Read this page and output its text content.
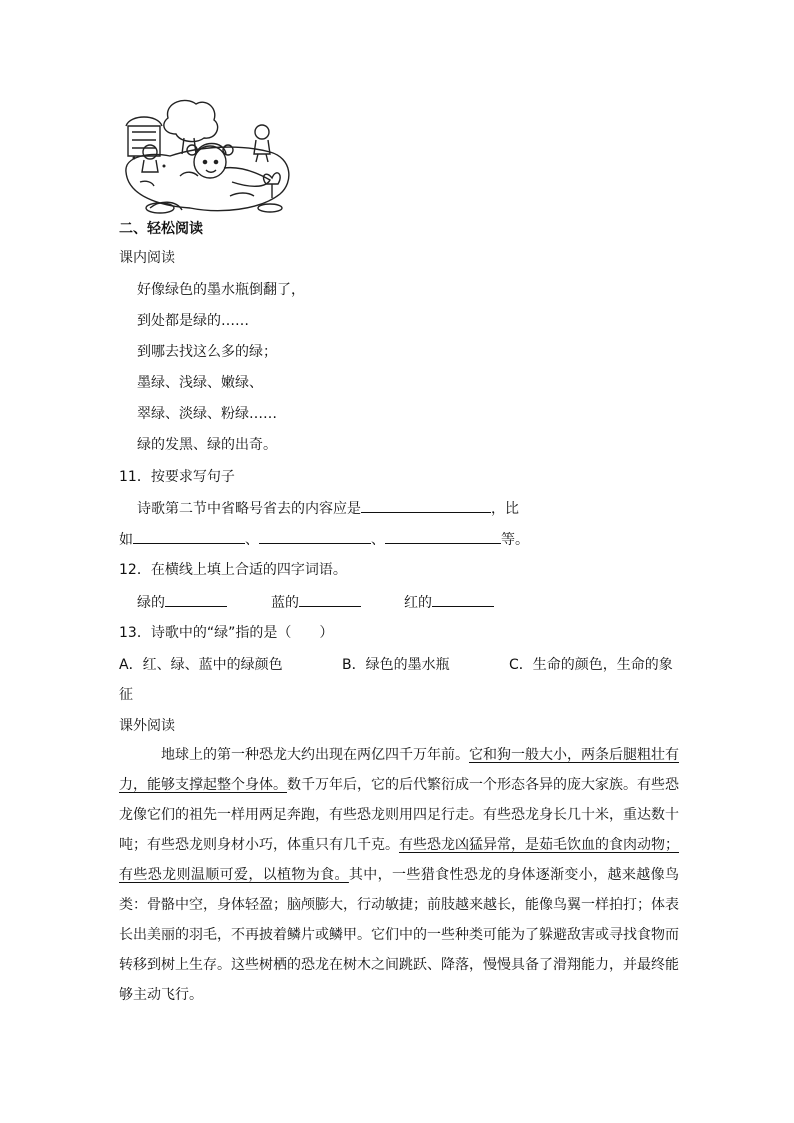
二、轻松阅读
课内阅读
好像绿色的墨水瓶倒翻了，
到处都是绿的……
到哪去找这么多的绿；
墨绿、浅绿、嫩绿、
翠绿、淡绿、粉绿……
绿的发黑、绿的出奇。
11．按要求写句子
诗歌第二节中省略号省去的内容应是	，比
如	、	、	等。
12．在横线上填上合适的四字词语。
绿的	蓝的	红的
13．诗歌中的“绿”指的是（　　）
A．红、绿、蓝中的绿颜色	B．绿色的墨水瓶	C．生命的颜色，生命的象
征
课外阅读

地球上的第一种恐龙大约出现在两亿四千万年前。它和狗一般大小，两条后腿粗壮有力，能够支撑起整个身体。数千万年后，它的后代繁衍成一个形态各异的庞大家族。有些恐龙像它们的祖先一样用两足奔跑，有些恐龙则用四足行走。有些恐龙身长几十米，重达数十吨；有些恐龙则身材小巧，体重只有几千克。有些恐龙凶猛异常，是茹毛饮血的食肉动物；有些恐龙则温顺可爱，以植物为食。其中，一些猎食性恐龙的身体逐渐变小，越来越像鸟类：骨骼中空，身体轻盈；脑颅膨大，行动敏捷；前肢越来越长，能像鸟翼一样拍打；体表长出美丽的羽毛，不再披着鳞片或鳞甲。它们中的一些种类可能为了躲避敌害或寻找食物而转移到树上生存。这些树栖的恐龙在树木之间跳跃、降落，慢慢具备了滑翔能力，并最终能够主动飞行。
